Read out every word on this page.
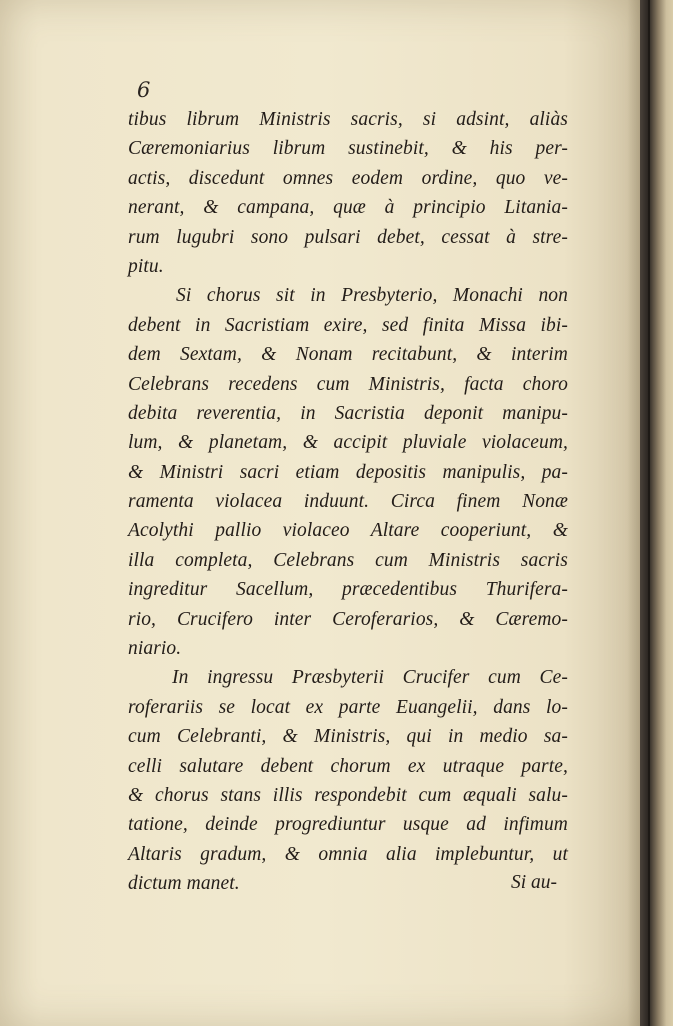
6
tibus librum Ministris sacris, si adsint, aliàs
Cæremoniarius librum sustinebit, & his per-
actis, discedunt omnes eodem ordine, quo ve-
nerant, & campana, quæ à principio Litania-
rum lugubri sono pulsari debet, cessat à stre-
pitu.
Si chorus sit in Presbyterio, Monachi non
debent in Sacristiam exire, sed finita Missa ibi-
dem Sextam, & Nonam recitabunt, & interim
Celebrans recedens cum Ministris, facta choro
debita reverentia, in Sacristia deponit manipu-
lum, & planetam, & accipit pluviale violaceum,
& Ministri sacri etiam depositis manipulis, pa-
ramenta violacea induunt. Circa finem Nonæ
Acolythi pallio violaceo Altare cooperiunt, &
illa completa, Celebrans cum Ministris sacris
ingreditur Sacellum, præcedentibus Thurifera-
rio, Crucifero inter Ceroferarios, & Cæremo-
niario.
In ingressu Præsbyterii Crucifer cum Ce-
roferariis se locat ex parte Euangelii, dans lo-
cum Celebranti, & Ministris, qui in medio sa-
celli salutare debent chorum ex utraque parte,
& chorus stans illis respondebit cum æquali salu-
tatione, deinde progrediuntur usque ad infimum
Altaris gradum, & omnia alia implebuntur, ut
dictum manet.	Si au-
